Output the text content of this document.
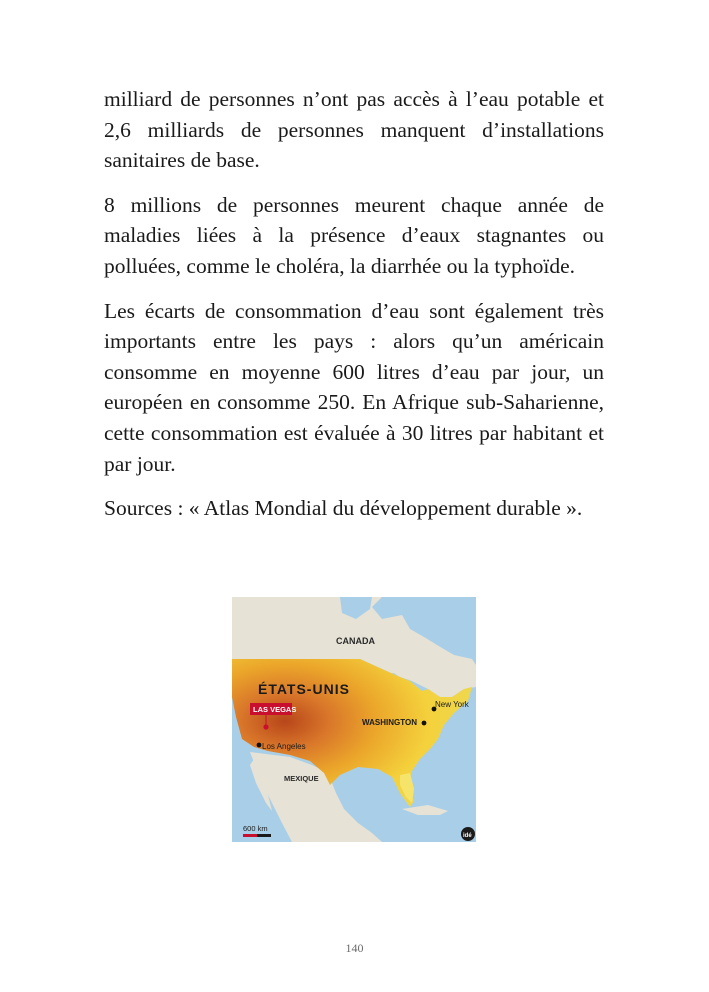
milliard de personnes n’ont pas accès à l’eau potable et 2,6 milliards de personnes manquent d’installations sanitaires de base.

8 millions de personnes meurent chaque année de maladies liées à la présence d’eaux stagnantes ou polluées, comme le choléra, la diarrhée ou la typhoïde.

Les écarts de consommation d’eau sont également très importants entre les pays : alors qu’un américain consomme en moyenne 600 litres d’eau par jour, un européen en consomme 250. En Afrique sub-Saharienne, cette consommation est évaluée à 30 litres par habitant et par jour.

Sources : « Atlas Mondial du développement durable ».

CANADA
ÉTATS-UNIS
LAS VEGAS
WASHINGTON
New York
Los Angeles
MEXIQUE
600 km
idé
140
